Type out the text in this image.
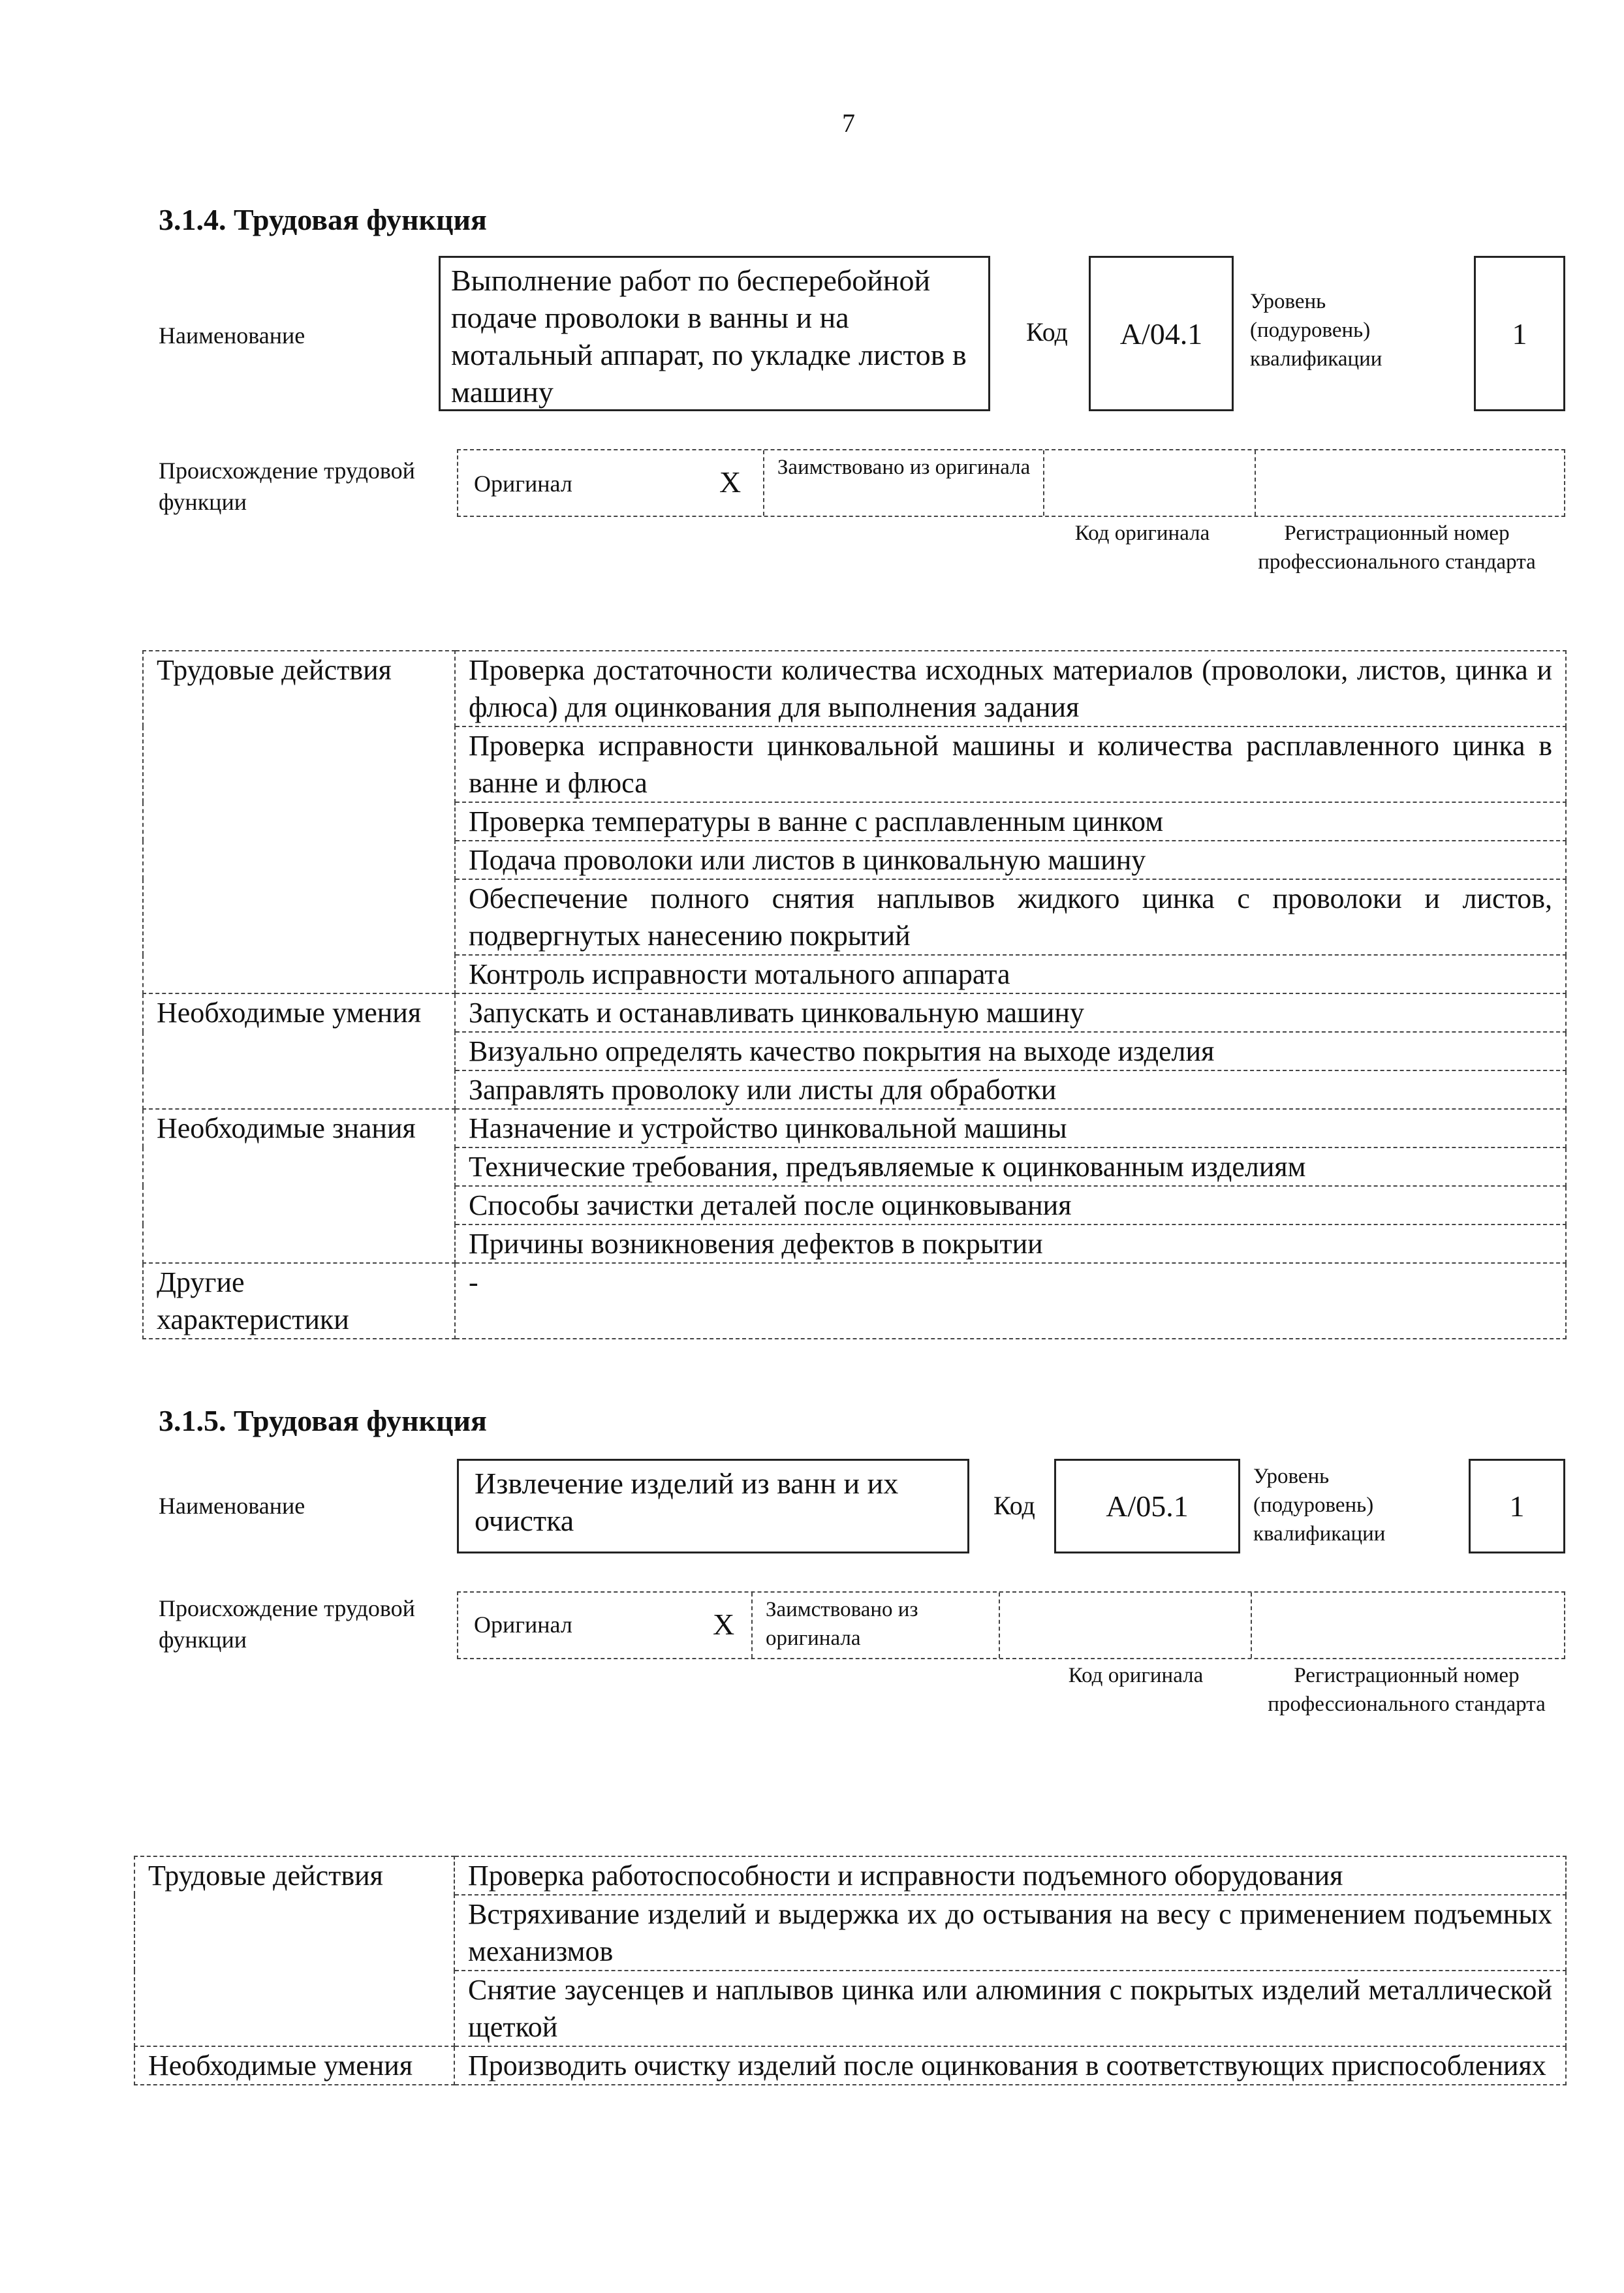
7
3.1.4. Трудовая функция
Наименование
Выполнение работ по бесперебойной подаче проволоки в ванны и на мотальный аппарат, по укладке листов в машину
Код	A/04.1
Уровень (подуровень) квалификации
1
Происхождение трудовой функции
Оригинал	X Заимствовано из оригинала
Код оригинала	Регистрационный номер профессионального стандарта
Трудовые действия	Проверка достаточности количества исходных материалов (проволоки, листов, цинка и флюса) для оцинкования для выполнения задания
	Проверка исправности цинковальной машины и количества расплавленного цинка в ванне и флюса
	Проверка температуры в ванне с расплавленным цинком
	Подача проволоки или листов в цинковальную машину
	Обеспечение полного снятия наплывов жидкого цинка с проволоки и листов, подвергнутых нанесению покрытий
	Контроль исправности мотального аппарата
Необходимые умения	Запускать и останавливать цинковальную машину
	Визуально определять качество покрытия на выходе изделия
	Заправлять проволоку или листы для обработки
Необходимые знания	Назначение и устройство цинковальной машины
	Технические требования, предъявляемые к оцинкованным изделиям
	Способы зачистки деталей после оцинковывания
	Причины возникновения дефектов в покрытии
Другие характеристики	-
3.1.5. Трудовая функция
Наименование
Извлечение изделий из ванн и их очистка	Код	A/05.1
Уровень (подуровень) квалификации
1
Происхождение трудовой функции
Оригинал	X Заимствовано из оригинала
Код оригинала	Регистрационный номер профессионального стандарта
Трудовые действия	Проверка работоспособности и исправности подъемного оборудования
	Встряхивание изделий и выдержка их до остывания на весу с применением подъемных механизмов
	Снятие заусенцев и наплывов цинка или алюминия с покрытых изделий металлической щеткой
Необходимые умения	Производить очистку изделий после оцинкования в соответствующих приспособлениях
